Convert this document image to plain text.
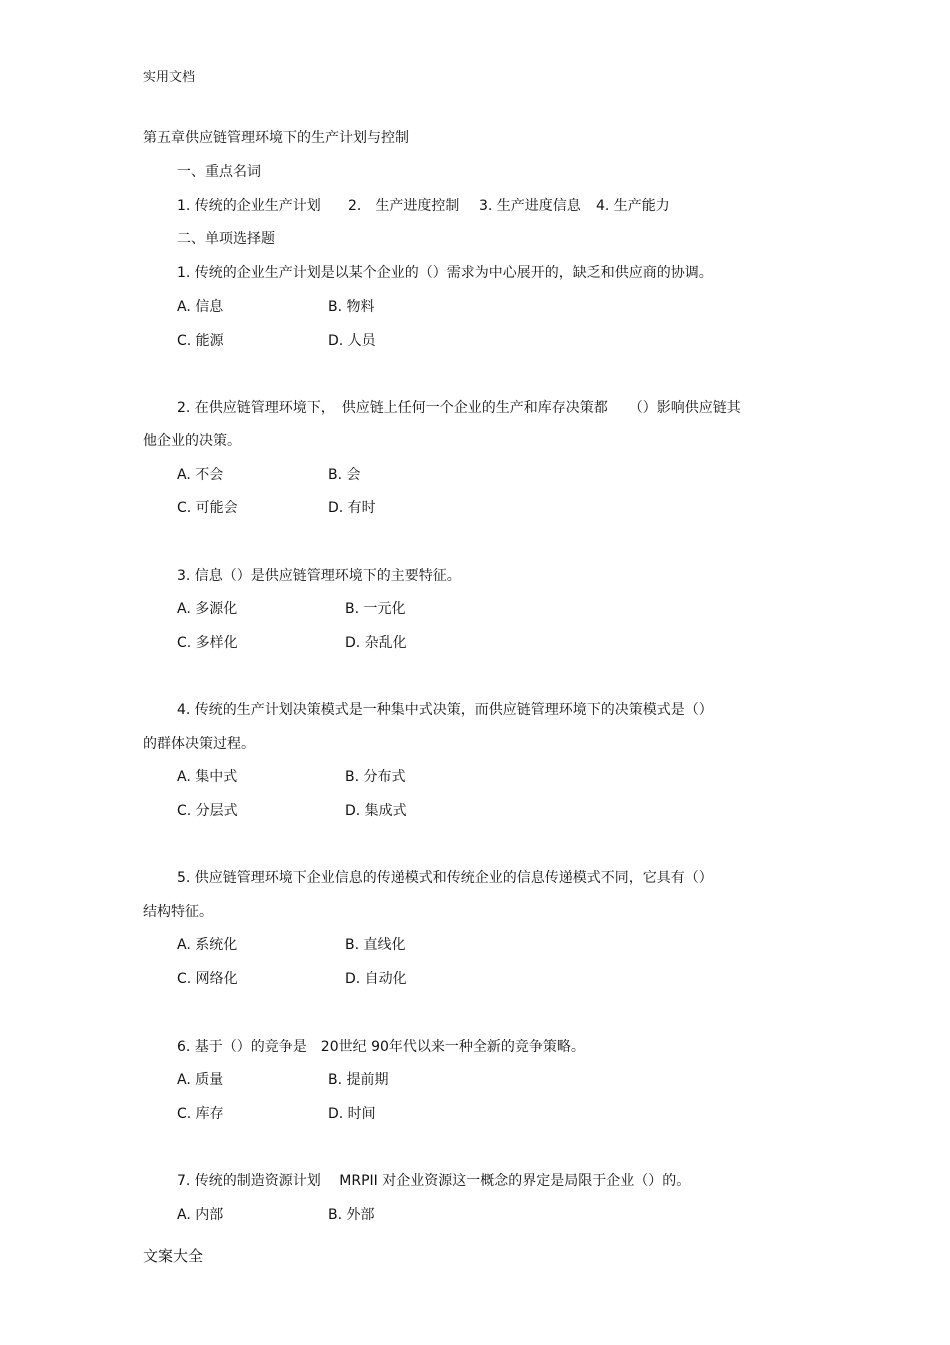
实用文档
第五章供应链管理环境下的生产计划与控制
一、重点名词
1. 传统的企业生产计划 2． 生产进度控制 3. 生产进度信息 4. 生产能力
二、单项选择题
1. 传统的企业生产计划是以某个企业的（）需求为中心展开的，缺乏和供应商的协调。
A. 信息	B. 物料
C. 能源	D. 人员
2. 在供应链管理环境下，　供应链上任何一个企业的生产和库存决策都　　（）影响供应链其
他企业的决策。
A. 不会	B. 会
C. 可能会	D. 有时
3. 信息（）是供应链管理环境下的主要特征。
A. 多源化	B. 一元化
C. 多样化	D. 杂乱化
4. 传统的生产计划决策模式是一种集中式决策，而供应链管理环境下的决策模式是（）
的群体决策过程。
A. 集中式	B. 分布式
C. 分层式	D. 集成式
5. 供应链管理环境下企业信息的传递模式和传统企业的信息传递模式不同，它具有（）
结构特征。
A. 系统化	B. 直线化
C. 网络化	D. 自动化
6. 基于（）的竞争是　20世纪 90年代以来一种全新的竞争策略。
A. 质量	B. 提前期
C. 库存	D. 时间
7. 传统的制造资源计划　 MRPII 对企业资源这一概念的界定是局限于企业（）的。
A. 内部	B. 外部
文案大全
